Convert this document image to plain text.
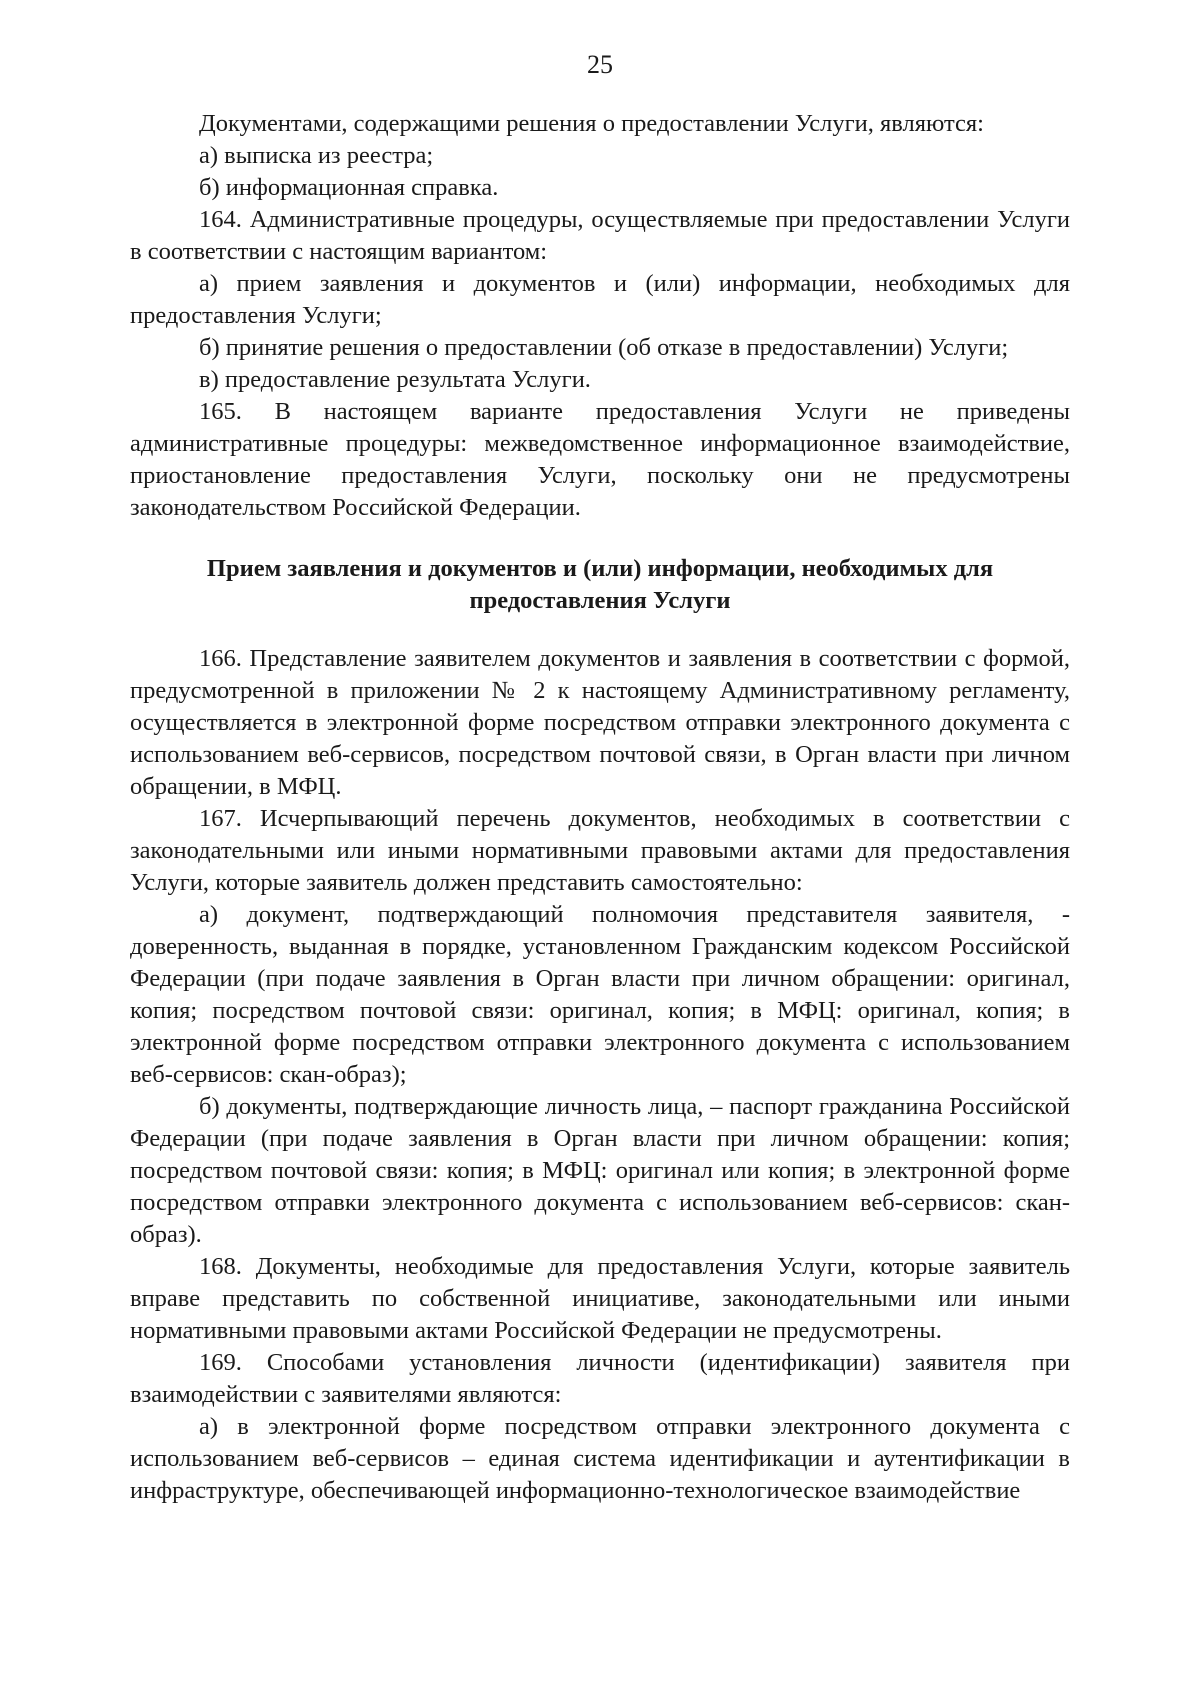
25

Документами, содержащими решения о предоставлении Услуги, являются:

а) выписка из реестра;

б) информационная справка.

164. Административные процедуры, осуществляемые при предоставлении Услуги в соответствии с настоящим вариантом:

а) прием заявления и документов и (или) информации, необходимых для предоставления Услуги;

б) принятие решения о предоставлении (об отказе в предоставлении) Услуги;

в) предоставление результата Услуги.

165. В настоящем варианте предоставления Услуги не приведены административные процедуры: межведомственное информационное взаимодействие, приостановление предоставления Услуги, поскольку они не предусмотрены законодательством Российской Федерации.

Прием заявления и документов и (или) информации, необходимых для предоставления Услуги

166. Представление заявителем документов и заявления в соответствии с формой, предусмотренной в приложении № 2 к настоящему Административному регламенту, осуществляется в электронной форме посредством отправки электронного документа с использованием веб-сервисов, посредством почтовой связи, в Орган власти при личном обращении, в МФЦ.

167. Исчерпывающий перечень документов, необходимых в соответствии с законодательными или иными нормативными правовыми актами для предоставления Услуги, которые заявитель должен представить самостоятельно:

а) документ, подтверждающий полномочия представителя заявителя, - доверенность, выданная в порядке, установленном Гражданским кодексом Российской Федерации (при подаче заявления в Орган власти при личном обращении: оригинал, копия; посредством почтовой связи: оригинал, копия; в МФЦ: оригинал, копия; в электронной форме посредством отправки электронного документа с использованием веб-сервисов: скан-образ);

б) документы, подтверждающие личность лица, – паспорт гражданина Российской Федерации (при подаче заявления в Орган власти при личном обращении: копия; посредством почтовой связи: копия; в МФЦ: оригинал или копия; в электронной форме посредством отправки электронного документа с использованием веб-сервисов: скан-образ).

168. Документы, необходимые для предоставления Услуги, которые заявитель вправе представить по собственной инициативе, законодательными или иными нормативными правовыми актами Российской Федерации не предусмотрены.

169. Способами установления личности (идентификации) заявителя при взаимодействии с заявителями являются:

а) в электронной форме посредством отправки электронного документа с использованием веб-сервисов – единая система идентификации и аутентификации в инфраструктуре, обеспечивающей информационно-технологическое взаимодействие
